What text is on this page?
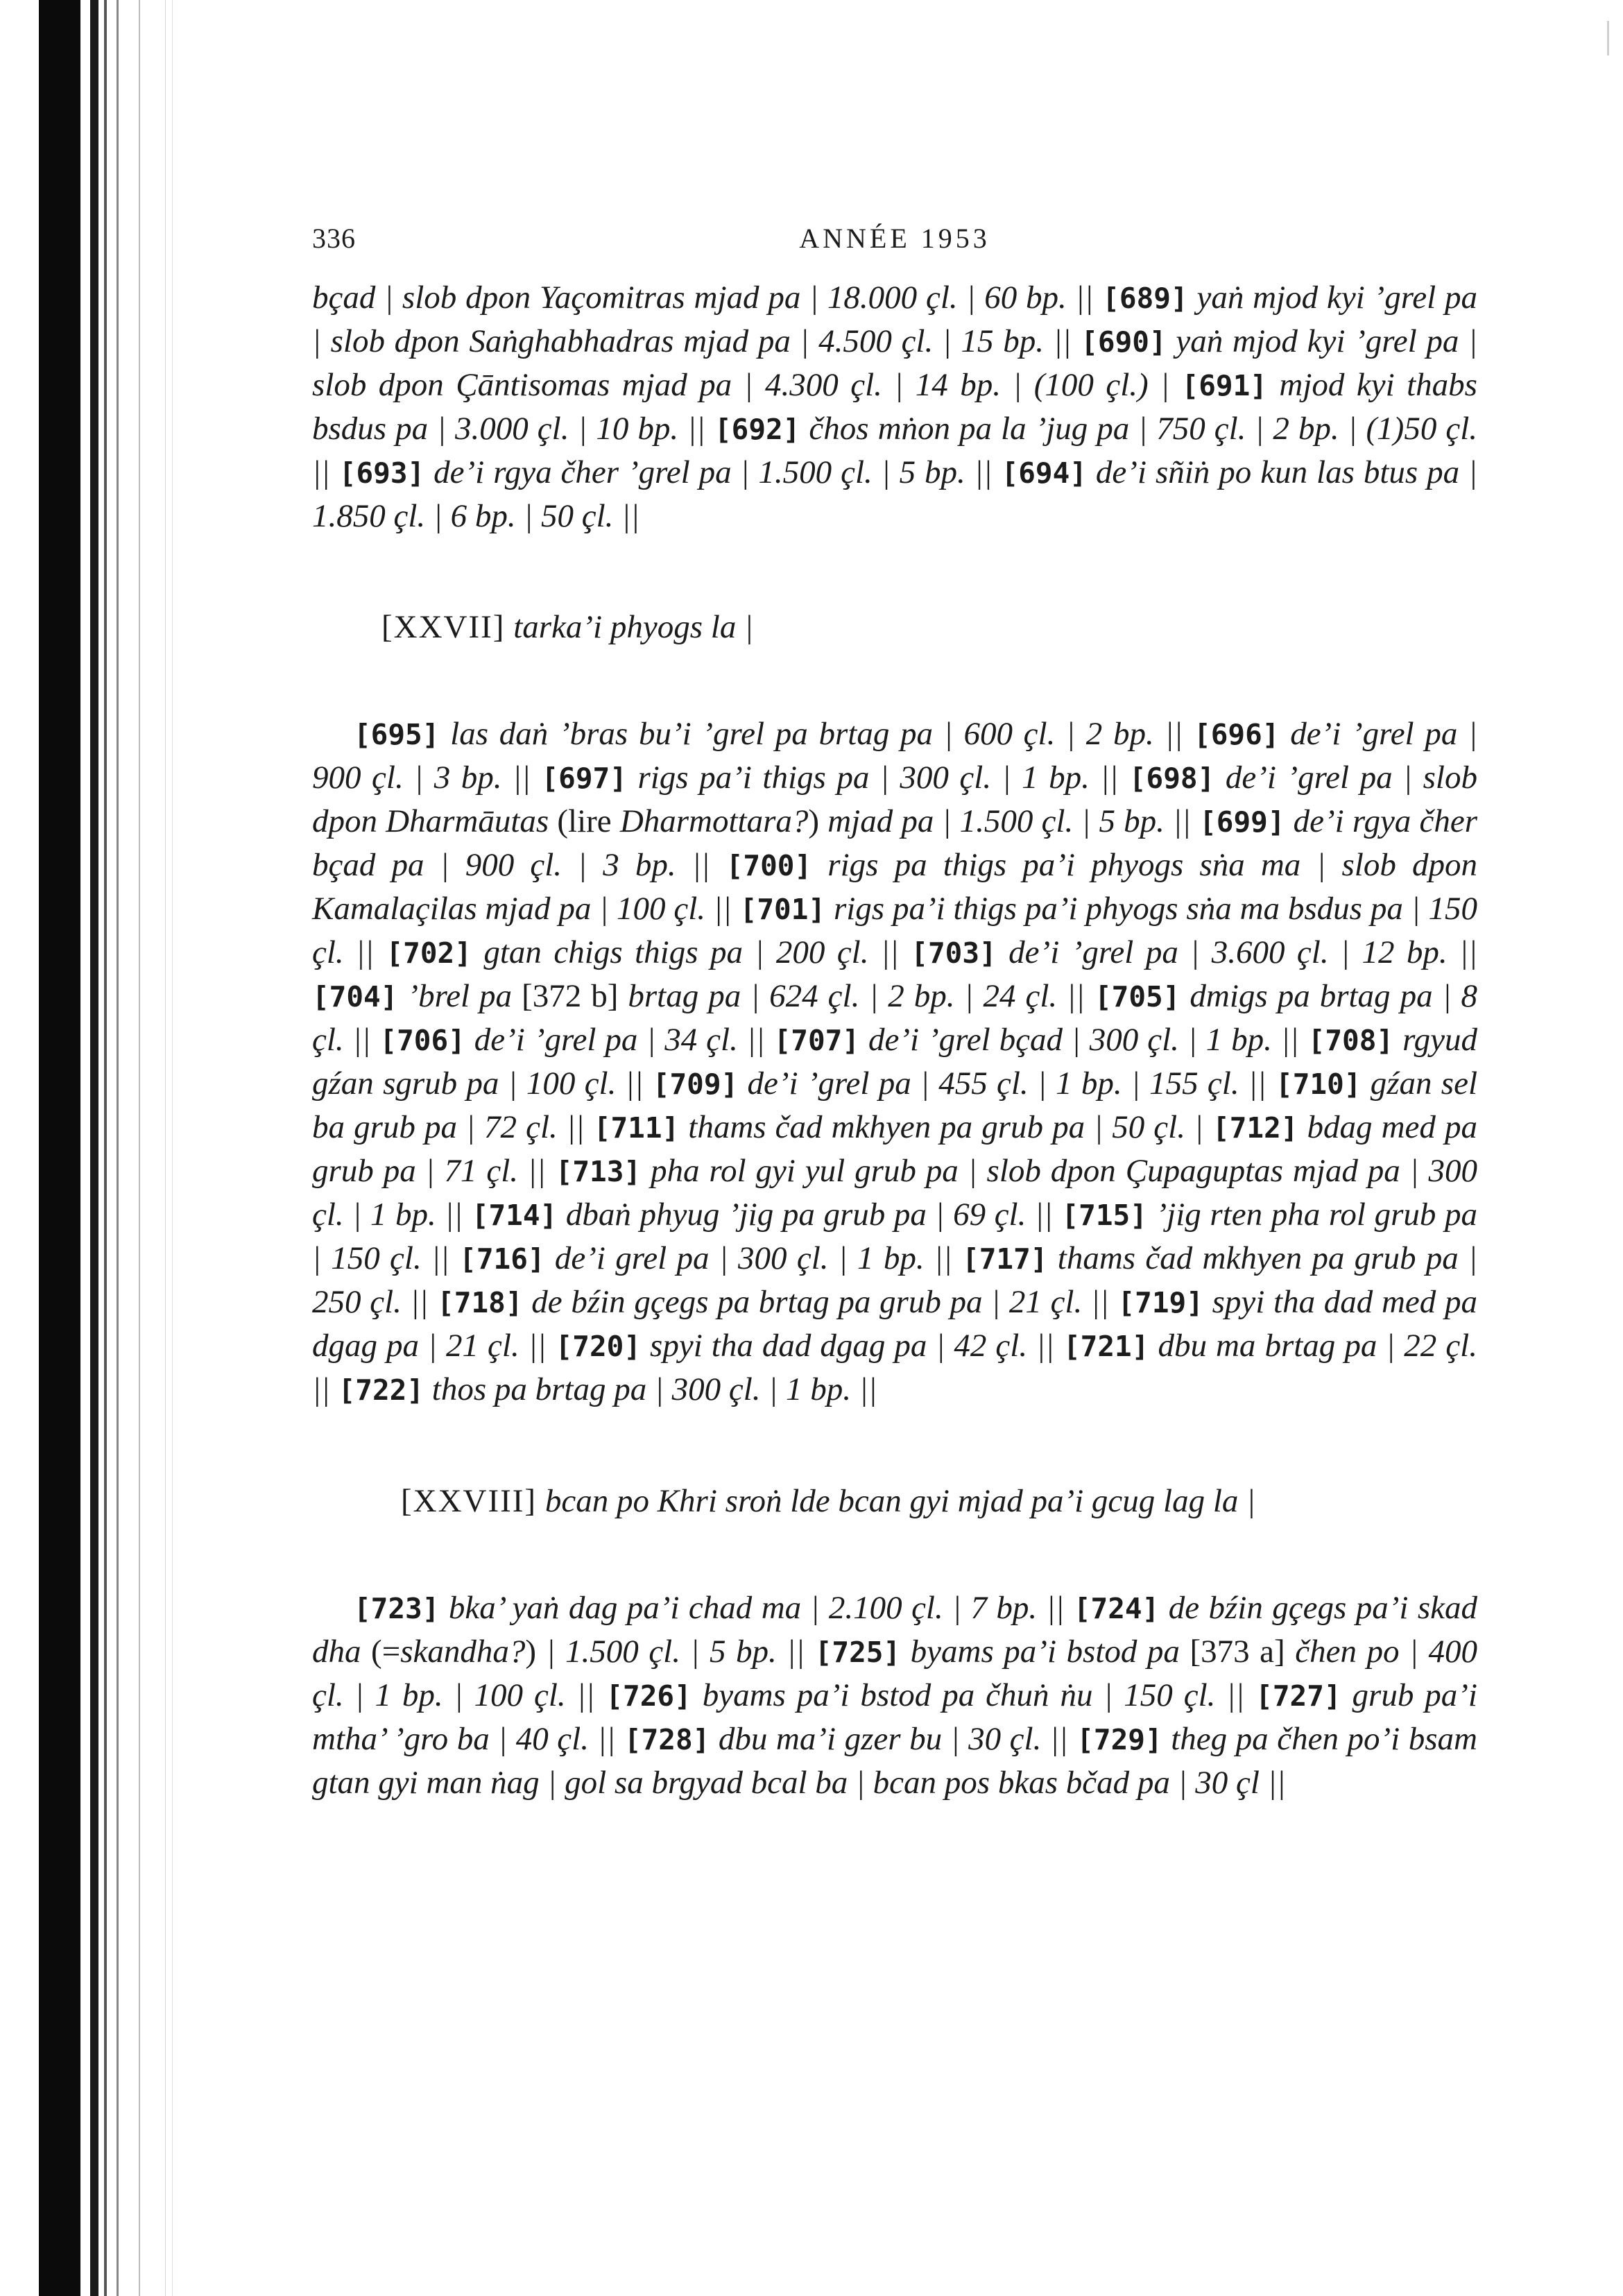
336	ANNÉE 1953

bçad | slob dpon Yaçomitras mjad pa | 18.000 çl. | 60 bp. || [689] yaṅ mjod kyi ’grel pa | slob dpon Saṅghabhadras mjad pa | 4.500 çl. | 15 bp. || [690] yaṅ mjod kyi ’grel pa | slob dpon Çāntisomas mjad pa | 4.300 çl. | 14 bp. | (100 çl.) | [691] mjod kyi thabs bsdus pa | 3.000 çl. | 10 bp. || [692] čhos mṅon pa la ’jug pa | 750 çl. | 2 bp. | (1)50 çl. || [693] de’i rgya čher ’grel pa | 1.500 çl. | 5 bp. || [694] de’i sñiṅ po kun las btus pa | 1.850 çl. | 6 bp. | 50 çl. ||

[XXVII] tarka’i phyogs la |

[695] las daṅ ’bras bu’i ’grel pa brtag pa | 600 çl. | 2 bp. || [696] de’i ’grel pa | 900 çl. | 3 bp. || [697] rigs pa’i thigs pa | 300 çl. | 1 bp. || [698] de’i ’grel pa | slob dpon Dharmāutas (lire Dharmottara?) mjad pa | 1.500 çl. | 5 bp. || [699] de’i rgya čher bçad pa | 900 çl. | 3 bp. || [700] rigs pa thigs pa’i phyogs sṅa ma | slob dpon Kamalaçilas mjad pa | 100 çl. || [701] rigs pa’i thigs pa’i phyogs sṅa ma bsdus pa | 150 çl. || [702] gtan chigs thigs pa | 200 çl. || [703] de’i ’grel pa | 3.600 çl. | 12 bp. || [704] ’brel pa [372 b] brtag pa | 624 çl. | 2 bp. | 24 çl. || [705] dmigs pa brtag pa | 8 çl. || [706] de’i ’grel pa | 34 çl. || [707] de’i ’grel bçad | 300 çl. | 1 bp. || [708] rgyud gźan sgrub pa | 100 çl. || [709] de’i ’grel pa | 455 çl. | 1 bp. | 155 çl. || [710] gźan sel ba grub pa | 72 çl. || [711] thams čad mkhyen pa grub pa | 50 çl. | [712] bdag med pa grub pa | 71 çl. || [713] pha rol gyi yul grub pa | slob dpon Çupaguptas mjad pa | 300 çl. | 1 bp. || [714] dbaṅ phyug ’jig pa grub pa | 69 çl. || [715] ’jig rten pha rol grub pa | 150 çl. || [716] de’i grel pa | 300 çl. | 1 bp. || [717] thams čad mkhyen pa grub pa | 250 çl. || [718] de bźin gçegs pa brtag pa grub pa | 21 çl. || [719] spyi tha dad med pa dgag pa | 21 çl. || [720] spyi tha dad dgag pa | 42 çl. || [721] dbu ma brtag pa | 22 çl. || [722] thos pa brtag pa | 300 çl. | 1 bp. ||

[XXVIII] bcan po Khri sroṅ lde bcan gyi mjad pa’i gcug lag la |

[723] bka’ yaṅ dag pa’i chad ma | 2.100 çl. | 7 bp. || [724] de bźin gçegs pa’i skad dha (=skandha?) | 1.500 çl. | 5 bp. || [725] byams pa’i bstod pa [373 a] čhen po | 400 çl. | 1 bp. | 100 çl. || [726] byams pa’i bstod pa čhuṅ ṅu | 150 çl. || [727] grub pa’i mtha’ ’gro ba | 40 çl. || [728] dbu ma’i gzer bu | 30 çl. || [729] theg pa čhen po’i bsam gtan gyi man ṅag | gol sa brgyad bcal ba | bcan pos bkas bčad pa | 30 çl ||
